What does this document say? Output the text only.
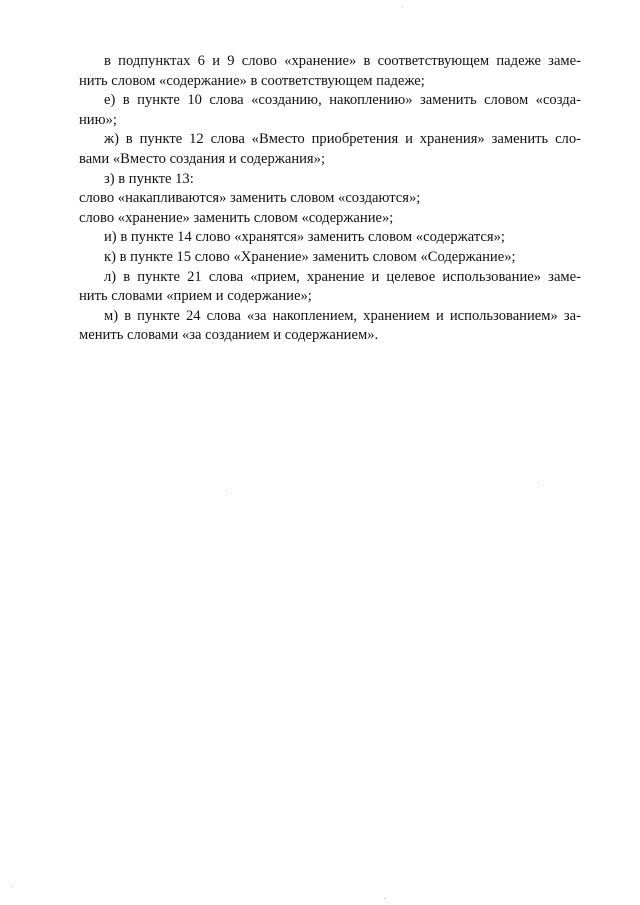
в подпунктах 6 и 9 слово «хранение» в соответствующем падеже заме-
нить словом «содержание» в соответствующем падеже;
е) в пункте 10 слова «созданию, накоплению» заменить словом «созда-
нию»;
ж) в пункте 12 слова «Вместо приобретения и хранения» заменить сло-
вами «Вместо создания и содержания»;
з) в пункте 13:
слово «накапливаются» заменить словом «создаются»;
слово «хранение» заменить словом «содержание»;
и) в пункте 14 слово «хранятся» заменить словом «содержатся»;
к) в пункте 15 слово «Хранение» заменить словом «Содержание»;
л) в пункте 21 слова «прием, хранение и целевое использование» заме-
нить словами «прием и содержание»;
м) в пункте 24 слова «за накоплением, хранением и использованием» за-
менить словами «за созданием и содержанием».
